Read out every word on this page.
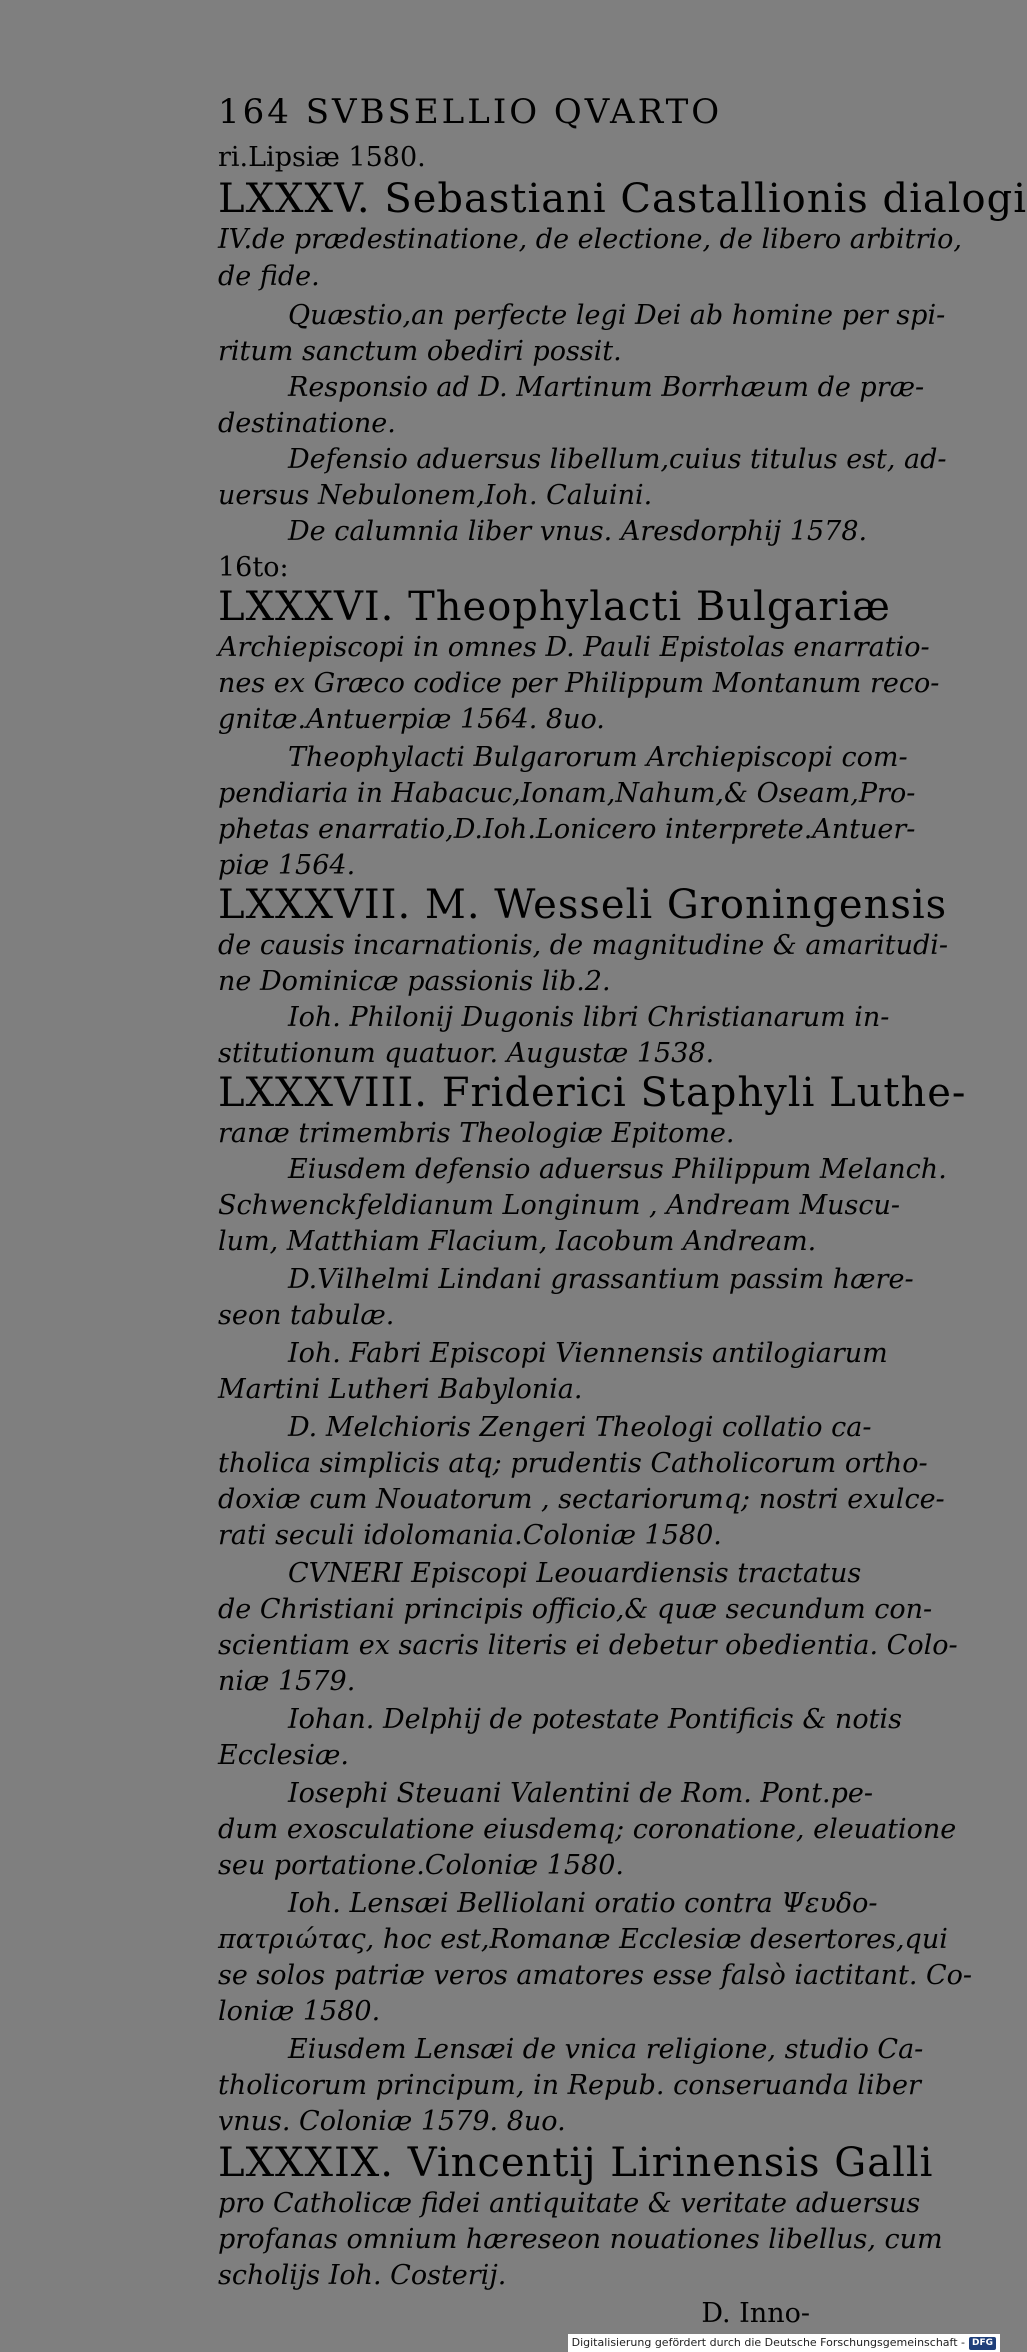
164 SVBSELLIO QVARTO
ri.Lipsiæ 1580.
LXXXV. Sebastiani Castallionis dialogi
IV.de prædestinatione, de electione, de libero arbitrio,
de fide.
Quæstio,an perfecte legi Dei ab homine per spi-
ritum sanctum obediri possit.
Responsio ad D. Martinum Borrhæum de præ-
destinatione.
Defensio aduersus libellum,cuius titulus est, ad-
uersus Nebulonem,Ioh. Caluini.
De calumnia liber vnus. Aresdorphij 1578.
16to:
LXXXVI. Theophylacti Bulgariæ
Archiepiscopi in omnes D. Pauli Epistolas enarratio-
nes ex Græco codice per Philippum Montanum reco-
gnitæ.Antuerpiæ 1564. 8uo.
Theophylacti Bulgarorum Archiepiscopi com-
pendiaria in Habacuc,Ionam,Nahum,& Oseam,Pro-
phetas enarratio,D.Ioh.Lonicero interprete.Antuer-
piæ 1564.
LXXXVII. M. Wesseli Groningensis
de causis incarnationis, de magnitudine & amaritudi-
ne Dominicæ passionis lib.2.
Ioh. Philonij Dugonis libri Christianarum in-
stitutionum quatuor. Augustæ 1538.
LXXXVIII. Friderici Staphyli Luthe-
ranæ trimembris Theologiæ Epitome.
Eiusdem defensio aduersus Philippum Melanch.
Schwenckfeldianum Longinum , Andream Muscu-
lum, Matthiam Flacium, Iacobum Andream.
D.Vilhelmi Lindani grassantium passim hære-
seon tabulæ.
Ioh. Fabri Episcopi Viennensis antilogiarum
Martini Lutheri Babylonia.
D. Melchioris Zengeri Theologi collatio ca-
tholica simplicis atq; prudentis Catholicorum ortho-
doxiæ cum Nouatorum , sectariorumq; nostri exulce-
rati seculi idolomania.Coloniæ 1580.
CVNERI Episcopi Leouardiensis tractatus
de Christiani principis officio,& quæ secundum con-
scientiam ex sacris literis ei debetur obedientia. Colo-
niæ 1579.
Iohan. Delphij de potestate Pontificis & notis
Ecclesiæ.
Iosephi Steuani Valentini de Rom. Pont.pe-
dum exosculatione eiusdemq; coronatione, eleuatione
seu portatione.Coloniæ 1580.
Ioh. Lensæi Belliolani oratio contra Ψευδο-
πατριώτας, hoc est,Romanæ Ecclesiæ desertores,qui
se solos patriæ veros amatores esse falsò iactitant. Co-
loniæ 1580.
Eiusdem Lensæi de vnica religione, studio Ca-
tholicorum principum, in Repub. conseruanda liber
vnus. Coloniæ 1579. 8uo.
LXXXIX. Vincentij Lirinensis Galli
pro Catholicæ fidei antiquitate & veritate aduersus
profanas omnium hæreseon nouationes libellus, cum
scholijs Ioh. Costerij.
D. Inno-
Digitalisierung gefördert durch die Deutsche Forschungsgemeinschaft - DFG
